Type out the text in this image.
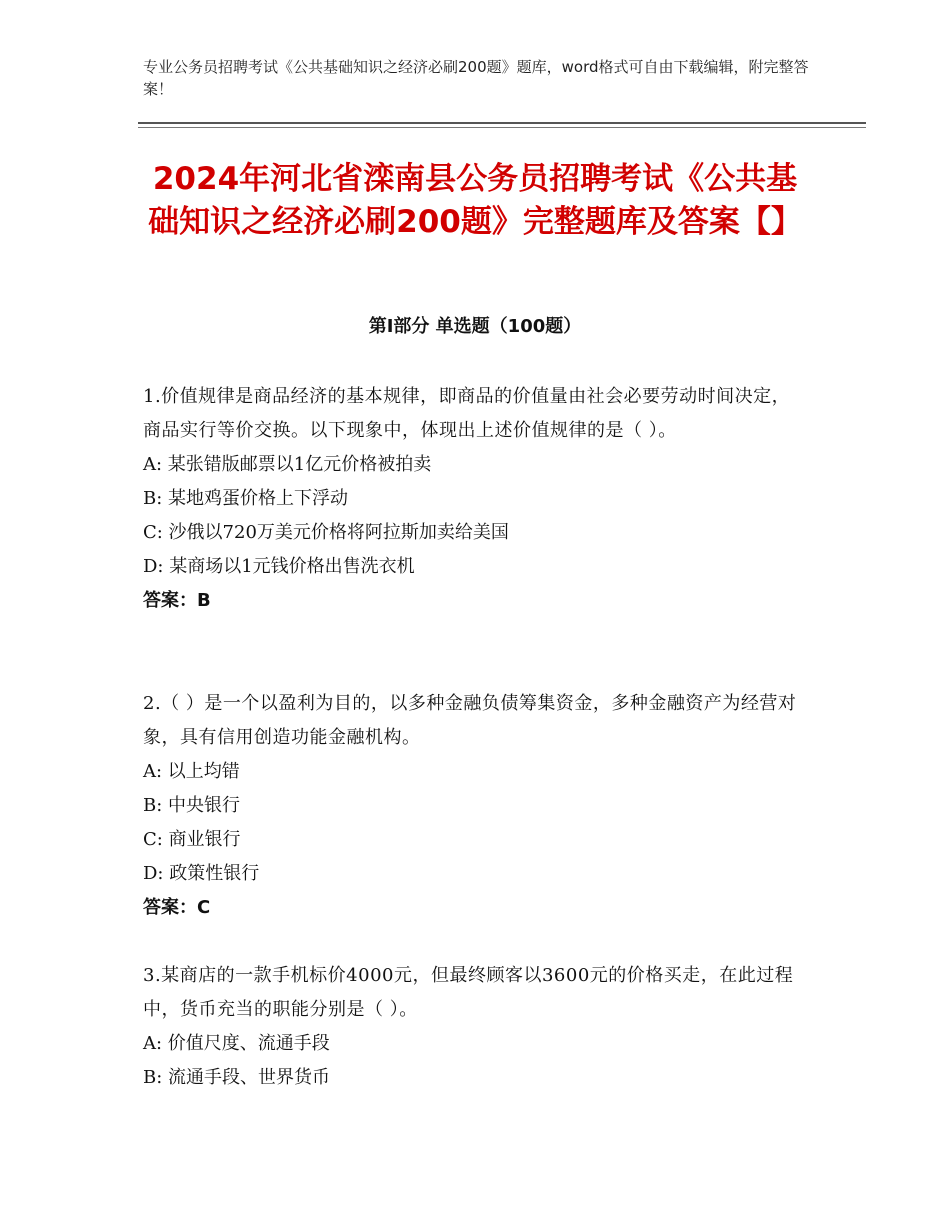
专业公务员招聘考试《公共基础知识之经济必刷200题》题库，word格式可自由下载编辑，附完整答案！
2024年河北省滦南县公务员招聘考试《公共基础知识之经济必刷200题》完整题库及答案【】
第Ⅰ部分 单选题（100题）
1.价值规律是商品经济的基本规律，即商品的价值量由社会必要劳动时间决定，商品实行等价交换。以下现象中，体现出上述价值规律的是（ ）。
A: 某张错版邮票以1亿元价格被拍卖
B: 某地鸡蛋价格上下浮动
C: 沙俄以720万美元价格将阿拉斯加卖给美国
D: 某商场以1元钱价格出售洗衣机
答案：B
2.（ ）是一个以盈利为目的，以多种金融负债筹集资金，多种金融资产为经营对象，具有信用创造功能金融机构。
A: 以上均错
B: 中央银行
C: 商业银行
D: 政策性银行
答案：C
3.某商店的一款手机标价4000元，但最终顾客以3600元的价格买走，在此过程中，货币充当的职能分别是（ ）。
A: 价值尺度、流通手段
B: 流通手段、世界货币
